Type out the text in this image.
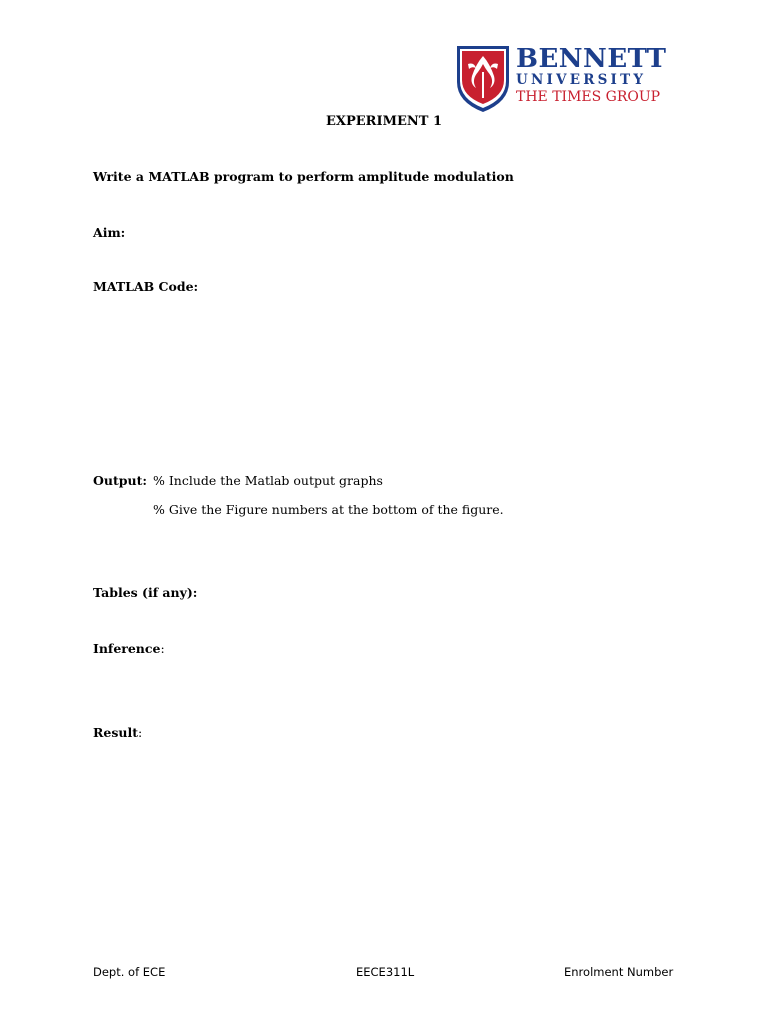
BENNETT
UNIVERSITY
THE TIMES GROUP
EXPERIMENT 1
Write a MATLAB program to perform amplitude modulation
Aim:
MATLAB Code:
Output: % Include the Matlab output graphs
% Give the Figure numbers at the bottom of the figure.
Tables (if any):
Inference:
Result:
Dept. of ECE	EECE311L	Enrolment Number
